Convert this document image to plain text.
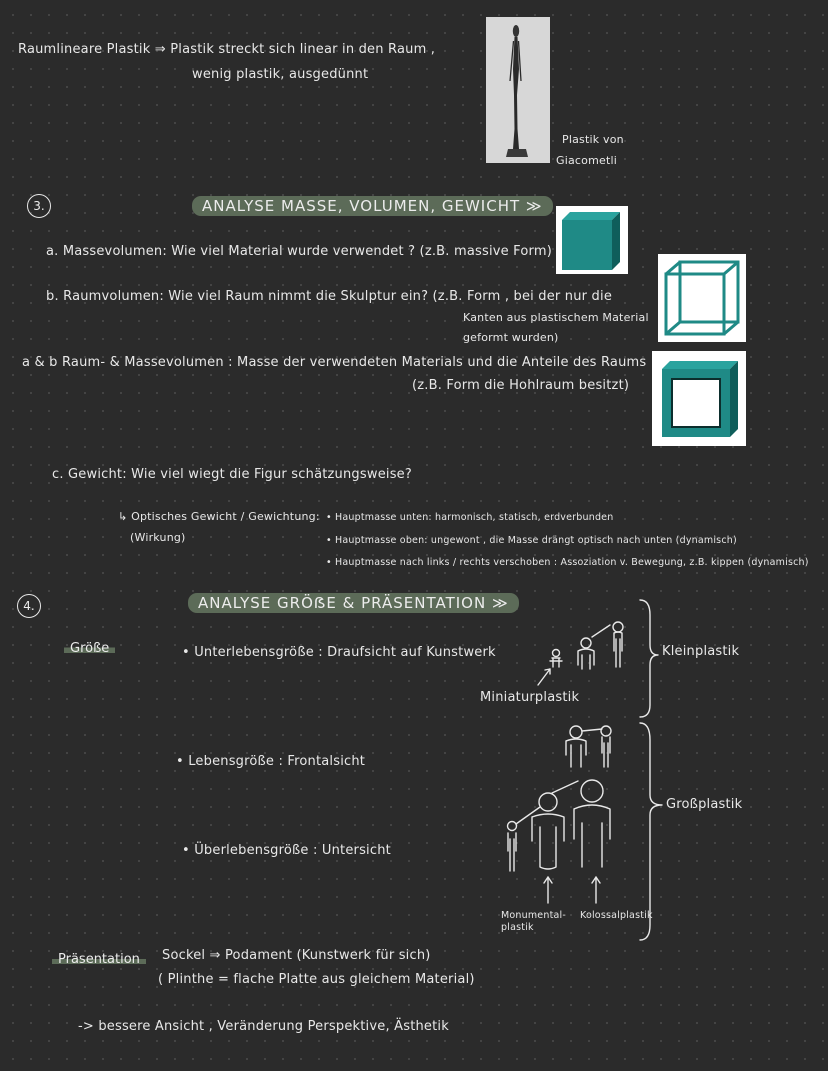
Raumlineare Plastik ⇒ Plastik streckt sich linear in den Raum ,
wenig plastik, ausgedünnt
Plastik von
Giacometli
3.	ANALYSE MASSE, VOLUMEN, GEWICHT ≫
a. Massevolumen: Wie viel Material wurde verwendet ? (z.B. massive Form)
b. Raumvolumen: Wie viel Raum nimmt die Skulptur ein? (z.B. Form , bei der nur die
Kanten aus plastischem Material
geformt wurden)
a & b Raum- & Massevolumen : Masse der verwendeten Materials und die Anteile des Raums
(z.B. Form die Hohlraum besitzt)
c. Gewicht: Wie viel wiegt die Figur schätzungsweise?
↳ Optisches Gewicht / Gewichtung:
(Wirkung)
• Hauptmasse unten: harmonisch, statisch, erdverbunden
• Hauptmasse oben: ungewont , die Masse drängt optisch nach unten (dynamisch)
• Hauptmasse nach links / rechts verschoben : Assoziation v. Bewegung, z.B. kippen (dynamisch)
4.	ANALYSE GRÖẞE & PRÄSENTATION ≫
Größe	• Unterlebensgröße : Draufsicht auf Kunstwerk
• Lebensgröße : Frontalsicht
• Überlebensgröße : Untersicht
Miniaturplastik
Kleinplastik
Großplastik
Monumental-
plastik
Kolossalplastik
Präsentation	Sockel ⇒ Podament (Kunstwerk für sich)
( Plinthe = flache Platte aus gleichem Material)
-> bessere Ansicht , Veränderung Perspektive, Ästhetik
